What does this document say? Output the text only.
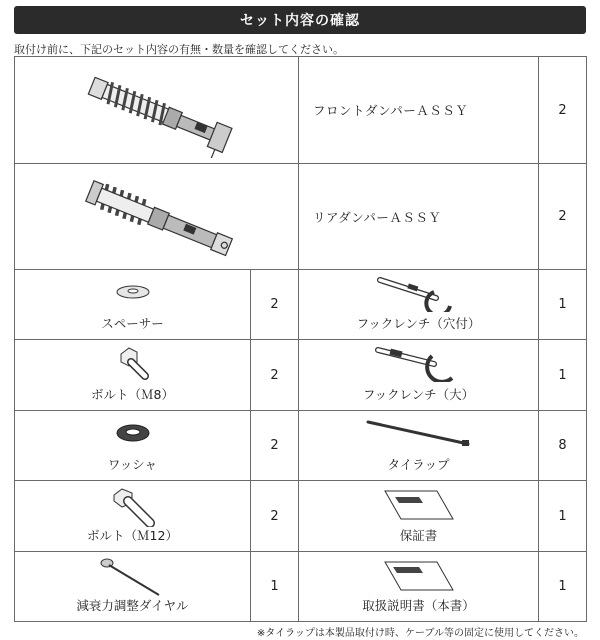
セット内容の確認
取付け前に、下記のセット内容の有無・数量を確認してください。

フロントダンパーＡＳＳＹ	2

リアダンパーＡＳＳＹ	2

スペーサー	2	フックレンチ（穴付）	1

ボルト（Ｍ8）	2	フックレンチ（大）	1

ワッシャ	2	タイラップ	8

ボルト（Ｍ12）	2	保証書	1

減衰力調整ダイヤル	1	取扱説明書（本書）	1
※タイラップは本製品取付け時、ケーブル等の固定に使用してください。
